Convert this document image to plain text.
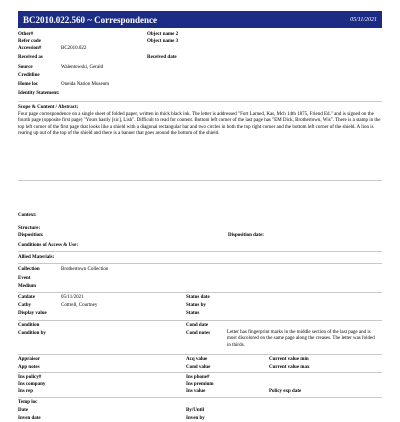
BC2010.022.560 ~ Correspondence	05/11/2021
Other#	Object name 2
Refer code	Object name 3
Accession#	BC2010.022
Received as	Received date
Source	Walentowski, Gerald
Creditline
Home loc	Oneida Nation Museum
Identity Statement:
Scope & Content / Abstract:
Four page correspondence on a single sheet of folded paper, written in thick black ink. The letter is addressed "Fort Larned, Kas, Mch 14th 1875, Friend Ed." and is signed on the fourth page (opposite first page) "Yours hastly [sic], Lish". Difficult to read for content. Bottom left corner of the last page has "EM Dick, Brothertown, Wis". There is a stamp in the top left corner of the first page that looks like a shield with a diagonal rectangular bar and two circles in both the top right corner and the bottom left corner of the shield. A lion is rearing up out of the top of the shield and there is a banner that goes around the bottom of the shield.
Context:
Structure:
Disposition:	Disposition date:
Conditions of Access & Use:
Allied Materials:
Collection	Brothertown Collection
Event
Medium
Catdate	05/11/2021	Status date
Catby	Cottrell, Courtney	Status by
Display value	Status
Condition	Cond date
Condition by	Cond notes	Letter has fingerprint marks in the middle section of the last page and is most discolored on the same page along the creases. The letter was folded in thirds.
Appraisor	Acq value	Current value min
App notes	Cond value	Current value max
Ins policy#	Ins phone#
Ins company	Ins premium
Ins rep	Ins value	Policy exp date
Temp loc
Date	By/Until
Inven date	Inven by
